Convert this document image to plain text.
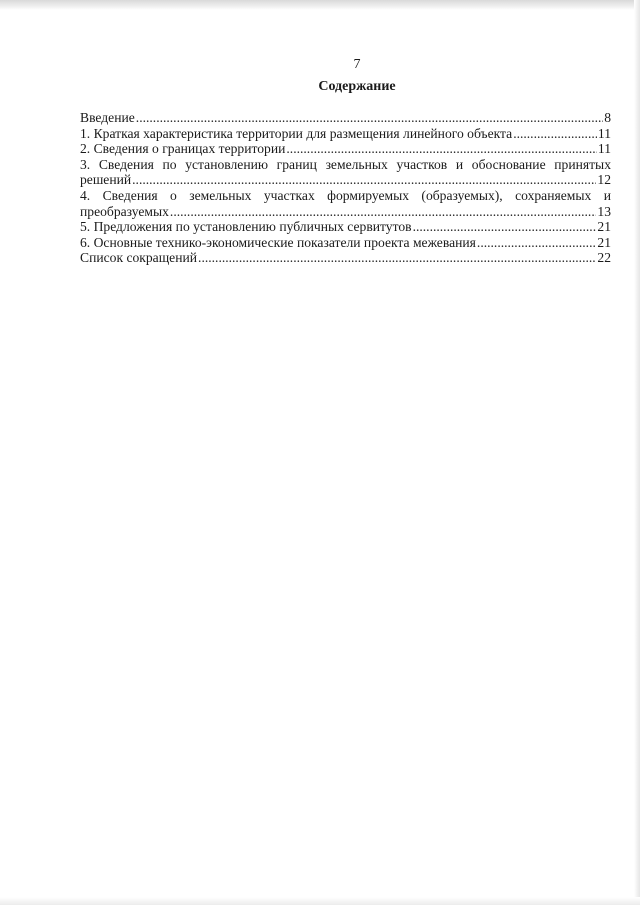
7
Содержание
Введение .....	8
1. Краткая характеристика территории для размещения линейного объекта .....	11
2. Сведения о границах территории .....	11
3. Сведения по установлению границ земельных участков и обоснование принятых
решений .....	12
4. Сведения о земельных участках формируемых (образуемых), сохраняемых и
преобразуемых .....	13
5. Предложения по установлению публичных сервитутов .....	21
6. Основные технико-экономические показатели проекта межевания .....	21
Список сокращений .....	22
